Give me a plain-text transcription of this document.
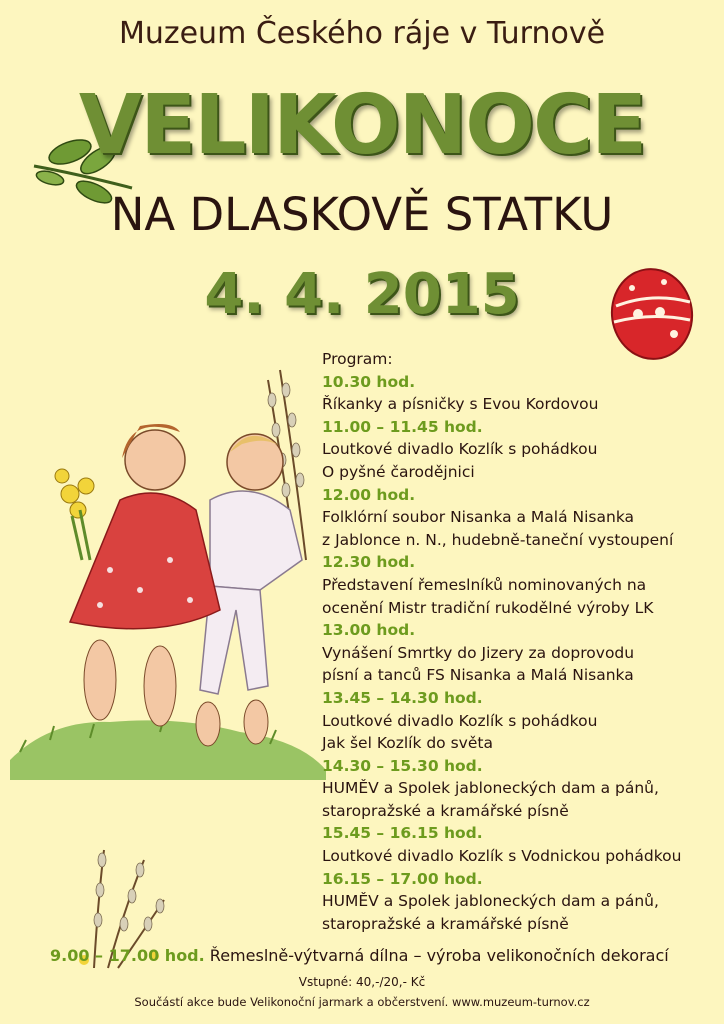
Muzeum Českého ráje v Turnově
VELIKONOCE
NA DLASKOVĚ STATKU
4. 4. 2015
Program:
10.30 hod.
Říkanky a písničky s Evou Kordovou
11.00 – 11.45 hod.
Loutkové divadlo Kozlík s pohádkou
O pyšné čarodějnici
12.00 hod.
Folklórní soubor Nisanka a Malá Nisanka
z Jablonce n. N., hudebně-taneční vystoupení
12.30 hod.
Představení řemeslníků nominovaných na
ocenění Mistr tradiční rukodělné výroby LK
13.00 hod.
Vynášení Smrtky do Jizery za doprovodu
písní a tanců FS Nisanka a Malá Nisanka
13.45 – 14.30 hod.
Loutkové divadlo Kozlík s pohádkou
Jak šel Kozlík do světa
14.30 – 15.30 hod.
HUMĚV a Spolek jabloneckých dam a pánů,
staropražské a kramářské písně
15.45 – 16.15 hod.
Loutkové divadlo Kozlík s Vodnickou pohádkou
16.15 – 17.00 hod.
HUMĚV a Spolek jabloneckých dam a pánů,
staropražské a kramářské písně
9.00 – 17.00 hod. Řemeslně-výtvarná dílna – výroba velikonočních dekorací
Vstupné: 40,-/20,- Kč
Součástí akce bude Velikonoční jarmark a občerstvení. www.muzeum-turnov.cz
